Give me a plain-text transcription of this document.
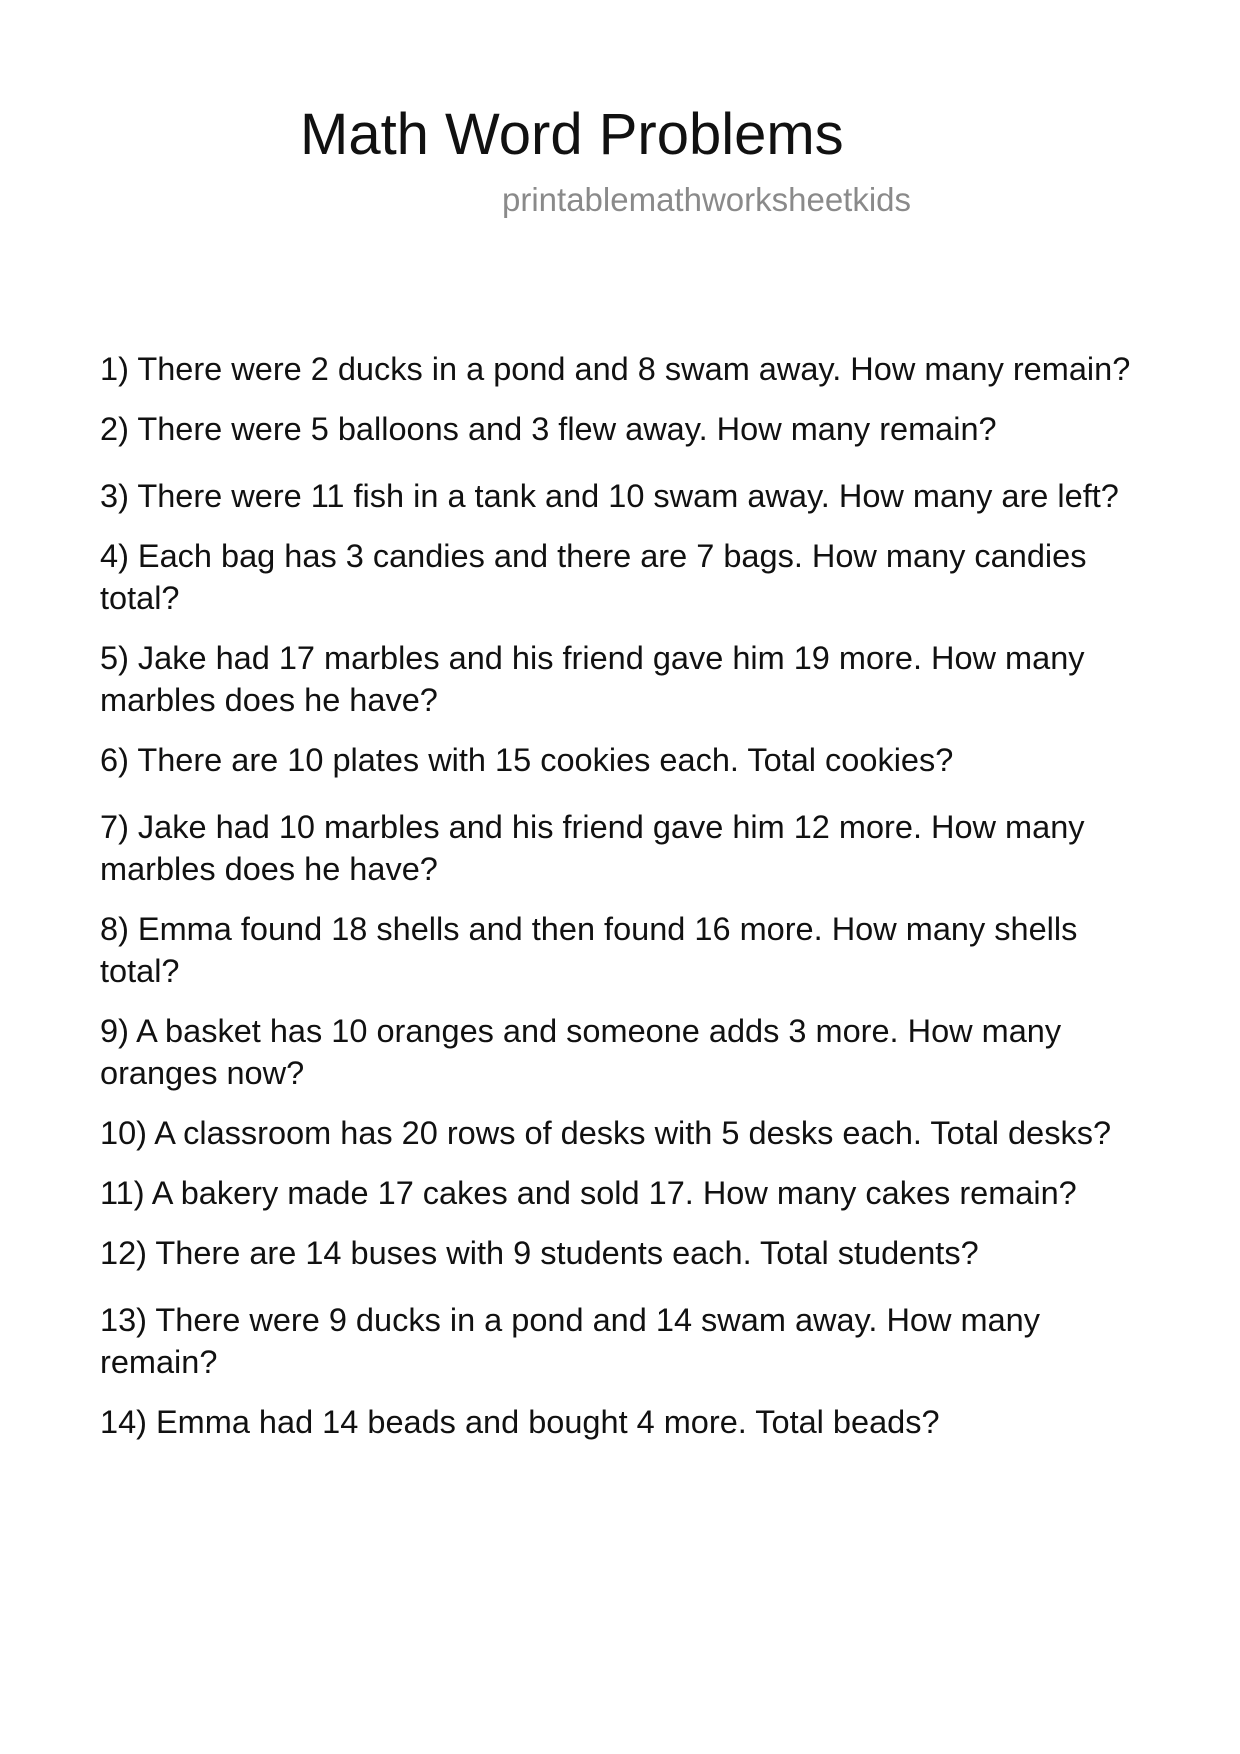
Math Word Problems
printablemathworksheetkids
1) There were 2 ducks in a pond and 8 swam away. How many remain?
2) There were 5 balloons and 3 flew away. How many remain?
3) There were 11 fish in a tank and 10 swam away. How many are left?
4) Each bag has 3 candies and there are 7 bags. How many candies total?
5) Jake had 17 marbles and his friend gave him 19 more. How many marbles does he have?
6) There are 10 plates with 15 cookies each. Total cookies?
7) Jake had 10 marbles and his friend gave him 12 more. How many marbles does he have?
8) Emma found 18 shells and then found 16 more. How many shells total?
9) A basket has 10 oranges and someone adds 3 more. How many oranges now?
10) A classroom has 20 rows of desks with 5 desks each. Total desks?
11) A bakery made 17 cakes and sold 17. How many cakes remain?
12) There are 14 buses with 9 students each. Total students?
13) There were 9 ducks in a pond and 14 swam away. How many remain?
14) Emma had 14 beads and bought 4 more. Total beads?
